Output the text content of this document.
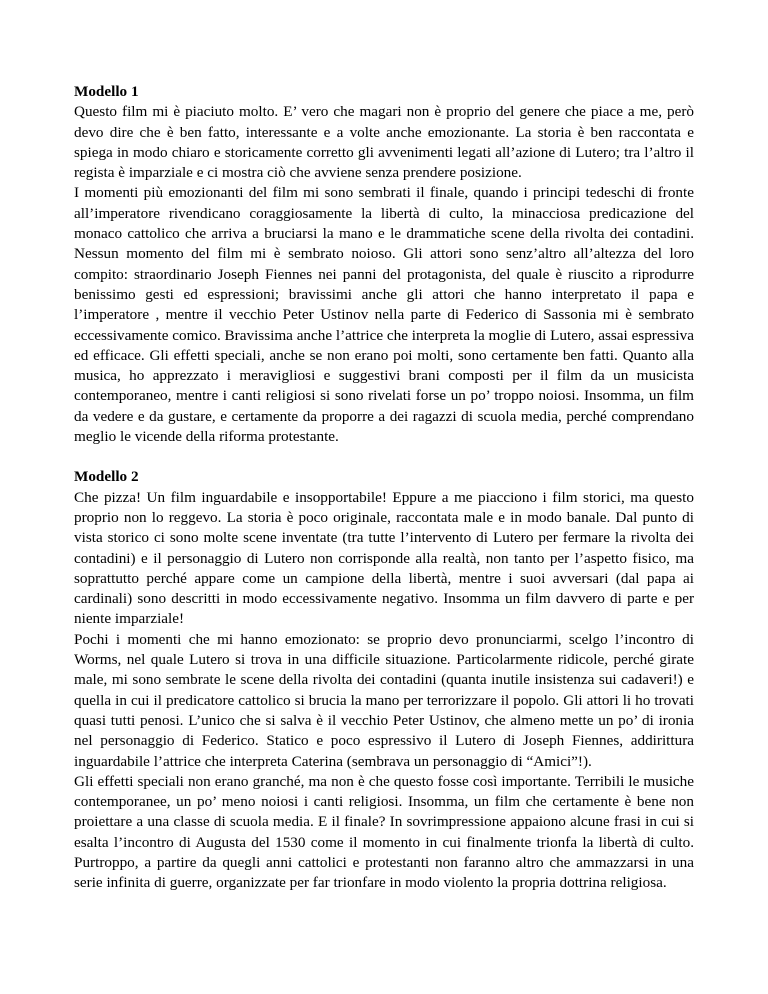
Modello 1

Questo film mi è piaciuto molto. E’ vero che magari non è proprio del genere che piace a me, però devo dire che è ben fatto, interessante e a volte anche emozionante. La storia è ben raccontata e spiega in modo chiaro e storicamente corretto gli avvenimenti legati all’azione di Lutero; tra l’altro il regista è imparziale e ci mostra ciò che avviene senza prendere posizione.

I momenti più emozionanti del film mi sono sembrati il finale, quando i principi tedeschi di fronte all’imperatore rivendicano coraggiosamente la libertà di culto, la minacciosa predicazione del monaco cattolico che arriva a bruciarsi la mano e le drammatiche scene della rivolta dei contadini. Nessun momento del film mi è sembrato noioso. Gli attori sono senz’altro all’altezza del loro compito: straordinario Joseph Fiennes nei panni del protagonista, del quale è riuscito a riprodurre benissimo gesti ed espressioni; bravissimi anche gli attori che hanno interpretato il papa e l’imperatore , mentre il vecchio Peter Ustinov nella parte di Federico di Sassonia mi è sembrato eccessivamente comico. Bravissima anche l’attrice che interpreta la moglie di Lutero, assai espressiva ed efficace. Gli effetti speciali, anche se non erano poi molti, sono certamente ben fatti. Quanto alla musica, ho apprezzato i meravigliosi e suggestivi brani composti per il film da un musicista contemporaneo, mentre i canti religiosi si sono rivelati forse un po’ troppo noiosi. Insomma, un film da vedere e da gustare, e certamente da proporre a dei ragazzi di scuola media, perché comprendano meglio le vicende della riforma protestante.

Modello 2

Che pizza! Un film inguardabile e insopportabile! Eppure a me piacciono i film storici, ma questo proprio non lo reggevo. La storia è poco originale, raccontata male e in modo banale. Dal punto di vista storico ci sono molte scene inventate (tra tutte l’intervento di Lutero per fermare la rivolta dei contadini) e il personaggio di Lutero non corrisponde alla realtà, non tanto per l’aspetto fisico, ma soprattutto perché appare come un campione della libertà, mentre i suoi avversari (dal papa ai cardinali) sono descritti in modo eccessivamente negativo. Insomma un film davvero di parte e per niente imparziale!

Pochi i momenti che mi hanno emozionato: se proprio devo pronunciarmi, scelgo l’incontro di Worms, nel quale Lutero si trova in una difficile situazione. Particolarmente ridicole, perché girate male, mi sono sembrate le scene della rivolta dei contadini (quanta inutile insistenza sui cadaveri!) e quella in cui il predicatore cattolico si brucia la mano per terrorizzare il popolo. Gli attori li ho trovati quasi tutti penosi. L’unico che si salva è il vecchio Peter Ustinov, che almeno mette un po’ di ironia nel personaggio di Federico. Statico e poco espressivo il Lutero di Joseph Fiennes, addirittura inguardabile l’attrice che interpreta Caterina (sembrava un personaggio di “Amici”!).

Gli effetti speciali non erano granché, ma non è che questo fosse così importante. Terribili le musiche contemporanee, un po’ meno noiosi i canti religiosi. Insomma, un film che certamente è bene non proiettare a una classe di scuola media. E il finale? In sovrimpressione appaiono alcune frasi in cui si esalta l’incontro di Augusta del 1530 come il momento in cui finalmente trionfa la libertà di culto. Purtroppo, a partire da quegli anni cattolici e protestanti non faranno altro che ammazzarsi in una serie infinita di guerre, organizzate per far trionfare in modo violento la propria dottrina religiosa.
